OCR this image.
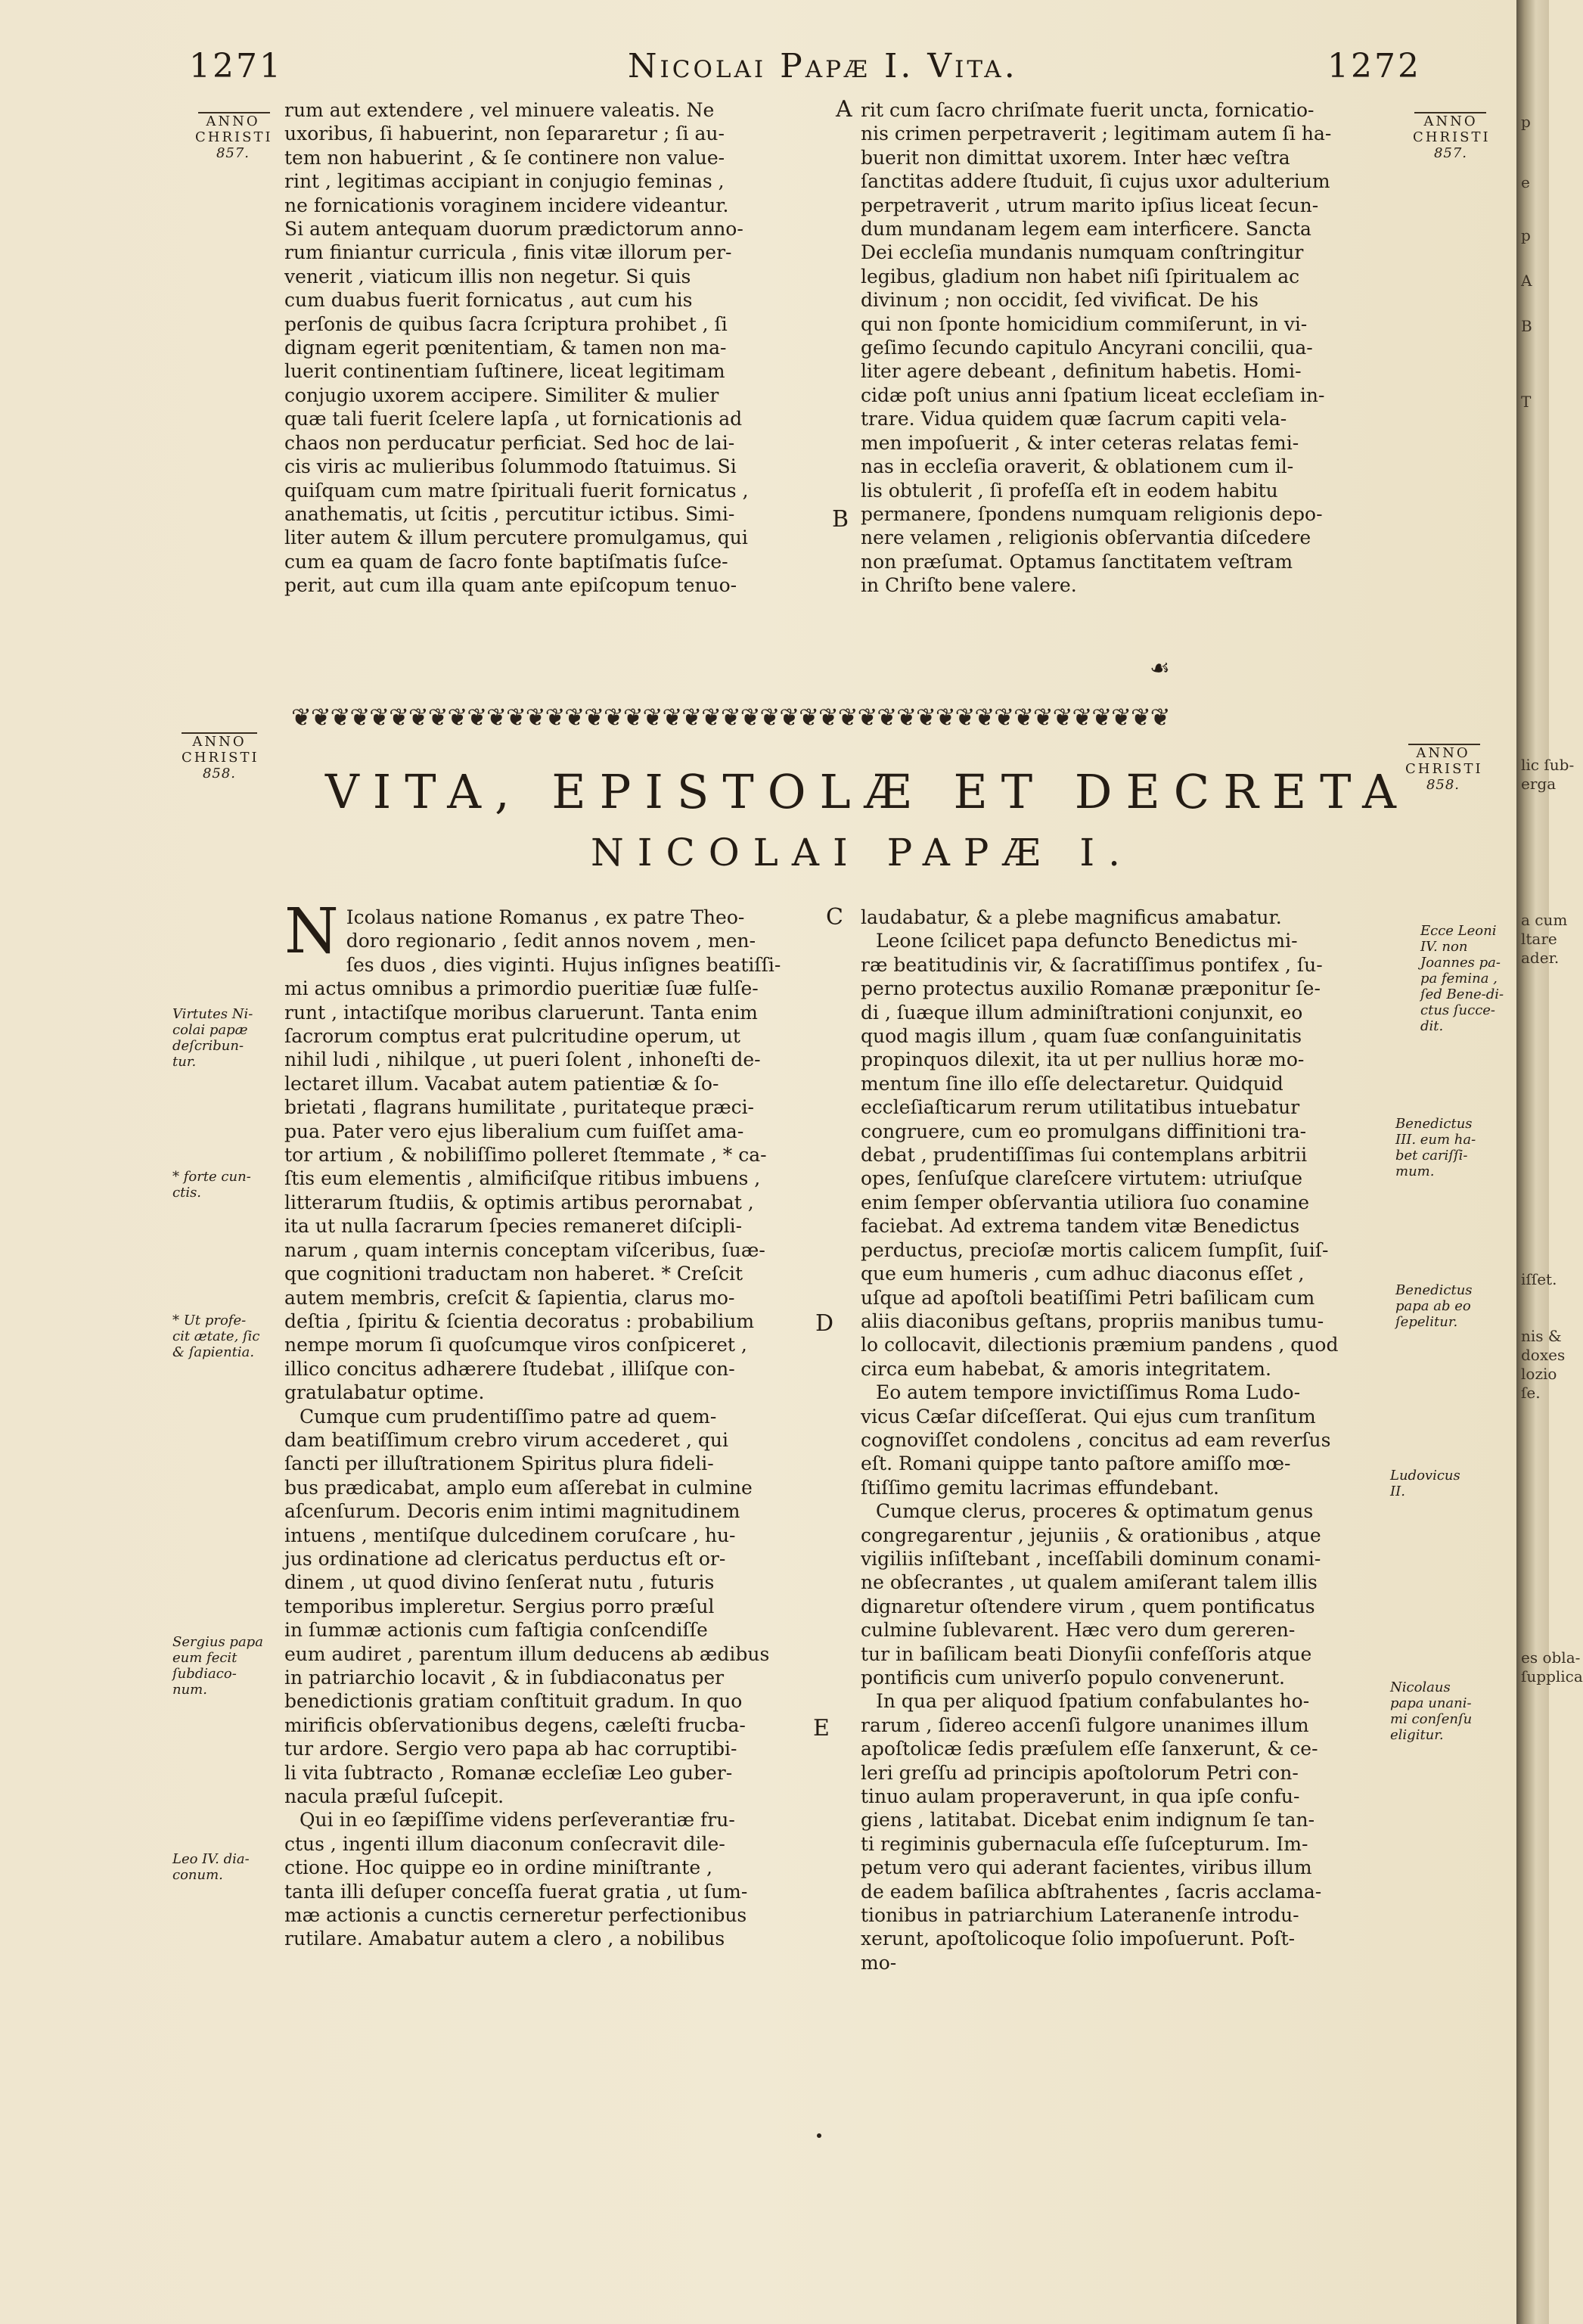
1271	Nicolai Papæ I. Vita.	1272
ANNO
CHRISTI
857.
ANNO
CHRISTI
857.
ANNO
CHRISTI
858.
ANNO
CHRISTI
858.
rum aut extendere , vel minuere valeatis. Ne
uxoribus, ſi habuerint, non ſepararetur ; ſi au-
tem non habuerint , & ſe continere non value-
rint , legitimas accipiant in conjugio feminas ,
ne fornicationis voraginem incidere videantur.
Si autem antequam duorum prædictorum anno-
rum finiantur curricula , finis vitæ illorum per-
venerit , viaticum illis non negetur. Si quis
cum duabus fuerit fornicatus , aut cum his
perſonis de quibus ſacra ſcriptura prohibet , ſi
dignam egerit pœnitentiam, & tamen non ma-
luerit continentiam ſuſtinere, liceat legitimam
conjugio uxorem accipere. Similiter & mulier
quæ tali fuerit ſcelere lapſa , ut fornicationis ad
chaos non perducatur perficiat. Sed hoc de lai-
cis viris ac mulieribus ſolummodo ſtatuimus. Si
quiſquam cum matre ſpirituali fuerit fornicatus ,
anathematis, ut ſcitis , percutitur ictibus. Simi-
liter autem & illum percutere promulgamus, qui
cum ea quam de ſacro fonte baptiſmatis ſuſce-
perit, aut cum illa quam ante epiſcopum tenuo-
rit cum ſacro chriſmate fuerit uncta, fornicatio-
nis crimen perpetraverit ; legitimam autem ſi ha-
buerit non dimittat uxorem. Inter hæc veſtra
ſanctitas addere ſtuduit, ſi cujus uxor adulterium
perpetraverit , utrum marito ipſius liceat ſecun-
dum mundanam legem eam interficere. Sancta
Dei eccleſia mundanis numquam conſtringitur
legibus, gladium non habet niſi ſpiritualem ac
divinum ; non occidit, ſed vivificat. De his
qui non ſponte homicidium commiſerunt, in vi-
geſimo ſecundo capitulo Ancyrani concilii, qua-
liter agere debeant , definitum habetis. Homi-
cidæ poſt unius anni ſpatium liceat eccleſiam in-
trare. Vidua quidem quæ ſacrum capiti vela-
men impoſuerit , & inter ceteras relatas femi-
nas in eccleſia oraverit, & oblationem cum il-
lis obtulerit , ſi profeſſa eſt in eodem habitu
permanere, ſpondens numquam religionis depo-
nere velamen , religionis obſervantia diſcedere
non præſumat. Optamus ſanctitatem veſtram
in Chriſto bene valere.
A
B
C
D
E
☙
❦❦❦❦❦❦❦❦❦❦❦❦❦❦❦❦❦❦❦❦❦❦❦❦❦❦❦❦❦❦❦❦❦❦❦❦❦❦❦❦❦❦❦❦❦
VITA, EPISTOLÆ ET DECRETA
NICOLAI PAPÆ I.
N Icolaus natione Romanus , ex patre Theo-
doro regionario , ſedit annos novem , men-
ſes duos , dies viginti. Hujus inſignes beatiſſi-
mi actus omnibus a primordio pueritiæ ſuæ fulſe-
runt , intactiſque moribus claruerunt. Tanta enim
ſacrorum comptus erat pulcritudine operum, ut
nihil ludi , nihilque , ut pueri ſolent , inhoneſti de-
lectaret illum. Vacabat autem patientiæ & ſo-
brietati , flagrans humilitate , puritateque præci-
pua. Pater vero ejus liberalium cum fuiſſet ama-
tor artium , & nobiliſſimo polleret ſtemmate , * ca-
ſtis eum elementis , almificiſque ritibus imbuens ,
litterarum ſtudiis, & optimis artibus perornabat ,
ita ut nulla ſacrarum ſpecies remaneret diſcipli-
narum , quam internis conceptam viſceribus, ſuæ-
que cognitioni traductam non haberet. * Creſcit
autem membris, creſcit & ſapientia, clarus mo-
deſtia , ſpiritu & ſcientia decoratus : probabilium
nempe morum ſi quoſcumque viros conſpiceret ,
illico concitus adhærere ſtudebat , illiſque con-
gratulabatur optime.
Cumque cum prudentiſſimo patre ad quem-
dam beatiſſimum crebro virum accederet , qui
ſancti per illuſtrationem Spiritus plura fideli-
bus prædicabat, amplo eum aſſerebat in culmine
aſcenſurum. Decoris enim intimi magnitudinem
intuens , mentiſque dulcedinem coruſcare , hu-
jus ordinatione ad clericatus perductus eſt or-
dinem , ut quod divino ſenſerat nutu , futuris
temporibus impleretur. Sergius porro præſul
in ſummæ actionis cum faſtigia conſcendiſſe
eum audiret , parentum illum deducens ab ædibus
in patriarchio locavit , & in ſubdiaconatus per
benedictionis gratiam conſtituit gradum. In quo
mirificis obſervationibus degens, cæleſti frucba-
tur ardore. Sergio vero papa ab hac corruptibi-
li vita ſubtracto , Romanæ eccleſiæ Leo guber-
nacula præſul ſuſcepit.
Qui in eo ſæpiſſime videns perſeverantiæ fru-
ctus , ingenti illum diaconum conſecravit dile-
ctione. Hoc quippe eo in ordine miniſtrante ,
tanta illi deſuper conceſſa fuerat gratia , ut ſum-
mæ actionis a cunctis cerneretur perfectionibus
rutilare. Amabatur autem a clero , a nobilibus
laudabatur, & a plebe magnificus amabatur.
Leone ſcilicet papa defuncto Benedictus mi-
ræ beatitudinis vir, & ſacratiſſimus pontifex , ſu-
perno protectus auxilio Romanæ præponitur ſe-
di , ſuæque illum adminiſtrationi conjunxit, eo
quod magis illum , quam ſuæ conſanguinitatis
propinquos dilexit, ita ut per nullius horæ mo-
mentum ſine illo eſſe delectaretur. Quidquid
eccleſiaſticarum rerum utilitatibus intuebatur
congruere, cum eo promulgans diffinitioni tra-
debat , prudentiſſimas ſui contemplans arbitrii
opes, ſenſuſque clareſcere virtutem: utriuſque
enim ſemper obſervantia utiliora ſuo conamine
faciebat. Ad extrema tandem vitæ Benedictus
perductus, precioſæ mortis calicem ſumpſit, ſuiſ-
que eum humeris , cum adhuc diaconus eſſet ,
uſque ad apoſtoli beatiſſimi Petri baſilicam cum
aliis diaconibus geſtans, propriis manibus tumu-
lo collocavit, dilectionis præmium pandens , quod
circa eum habebat, & amoris integritatem.
Eo autem tempore invictiſſimus Roma Ludo-
vicus Cæſar diſceſſerat. Qui ejus cum tranſitum
cognoviſſet condolens , concitus ad eam reverſus
eſt. Romani quippe tanto paſtore amiſſo mœ-
ſtiſſimo gemitu lacrimas effundebant.
Cumque clerus, proceres & optimatum genus
congregarentur , jejuniis , & orationibus , atque
vigiliis inſiſtebant , inceſſabili dominum conami-
ne obſecrantes , ut qualem amiſerant talem illis
dignaretur oſtendere virum , quem pontificatus
culmine ſublevarent. Hæc vero dum gereren-
tur in baſilicam beati Dionyſii confeſſoris atque
pontificis cum univerſo populo convenerunt.
In qua per aliquod ſpatium confabulantes ho-
rarum , ſidereo accenſi fulgore unanimes illum
apoſtolicæ ſedis præſulem eſſe ſanxerunt, & ce-
leri greſſu ad principis apoſtolorum Petri con-
tinuo aulam properaverunt, in qua ipſe confu-
giens , latitabat. Dicebat enim indignum ſe tan-
ti regiminis gubernacula eſſe ſuſcepturum. Im-
petum vero qui aderant facientes, viribus illum
de eadem baſilica abſtrahentes , ſacris acclama-
tionibus in patriarchium Lateranenſe introdu-
xerunt, apoſtolicoque ſolio impoſuerunt. Poſt-
mo-
Virtutes Ni-
colai papæ
deſcribun-
tur.
* forte cun-
ctis.
* Ut profe-
cit ætate, ſic
& ſapientia.
Sergius papa
eum fecit
ſubdiaco-
num.
Leo IV. dia-
conum.
Ecce Leoni
IV. non
Joannes pa-
pa femina ,
ſed Bene-di-
ctus ſucce-
dit.
Benedictus
III. eum ha-
bet cariſſi-
mum.
Benedictus
papa ab eo
ſepelitur.
Ludovicus
II.
Nicolaus
papa unani-
mi conſenſu
eligitur.
p
e
p
A
B
T
lic ſub-
erga
a cum
ltare
ader.
iſſet.
nis &
doxes
lozio
ſe.
es obla-
ſupplica
